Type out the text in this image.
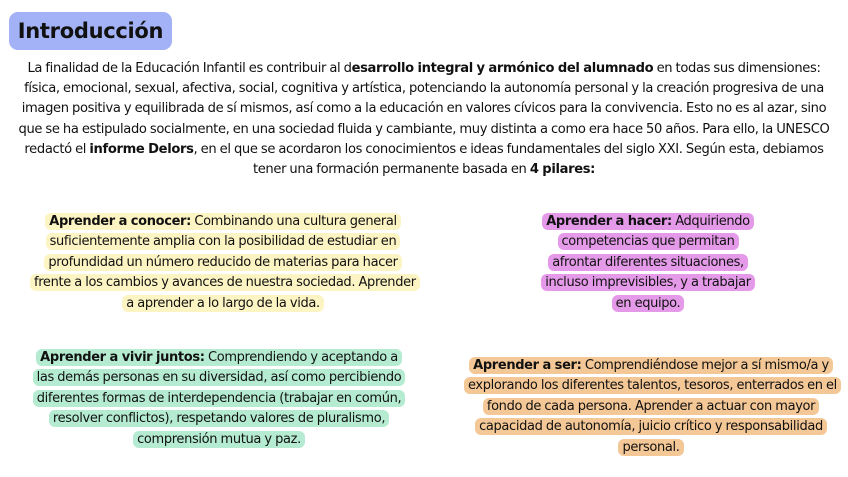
Introducción

La finalidad de la Educación Infantil es contribuir al desarrollo integral y armónico del alumnado en todas sus dimensiones: física, emocional, sexual, afectiva, social, cognitiva y artística, potenciando la autonomía personal y la creación progresiva de una imagen positiva y equilibrada de sí mismos, así como a la educación en valores cívicos para la convivencia. Esto no es al azar, sino que se ha estipulado socialmente, en una sociedad fluida y cambiante, muy distinta a como era hace 50 años. Para ello, la UNESCO redactó el informe Delors, en el que se acordaron los conocimientos e ideas fundamentales del siglo XXI. Según esta, debiamos tener una formación permanente basada en 4 pilares:

Aprender a conocer: Combinando una cultura general suficientemente amplia con la posibilidad de estudiar en profundidad un número reducido de materias para hacer frente a los cambios y avances de nuestra sociedad. Aprender a aprender a lo largo de la vida.
Aprender a hacer: Adquiriendo competencias que permitan afrontar diferentes situaciones, incluso imprevisibles, y a trabajar en equipo.
Aprender a vivir juntos: Comprendiendo y aceptando a las demás personas en su diversidad, así como percibiendo diferentes formas de interdependencia (trabajar en común, resolver conflictos), respetando valores de pluralismo, comprensión mutua y paz.
Aprender a ser: Comprendiéndose mejor a sí mismo/a y explorando los diferentes talentos, tesoros, enterrados en el fondo de cada persona. Aprender a actuar con mayor capacidad de autonomía, juicio crítico y responsabilidad personal.
